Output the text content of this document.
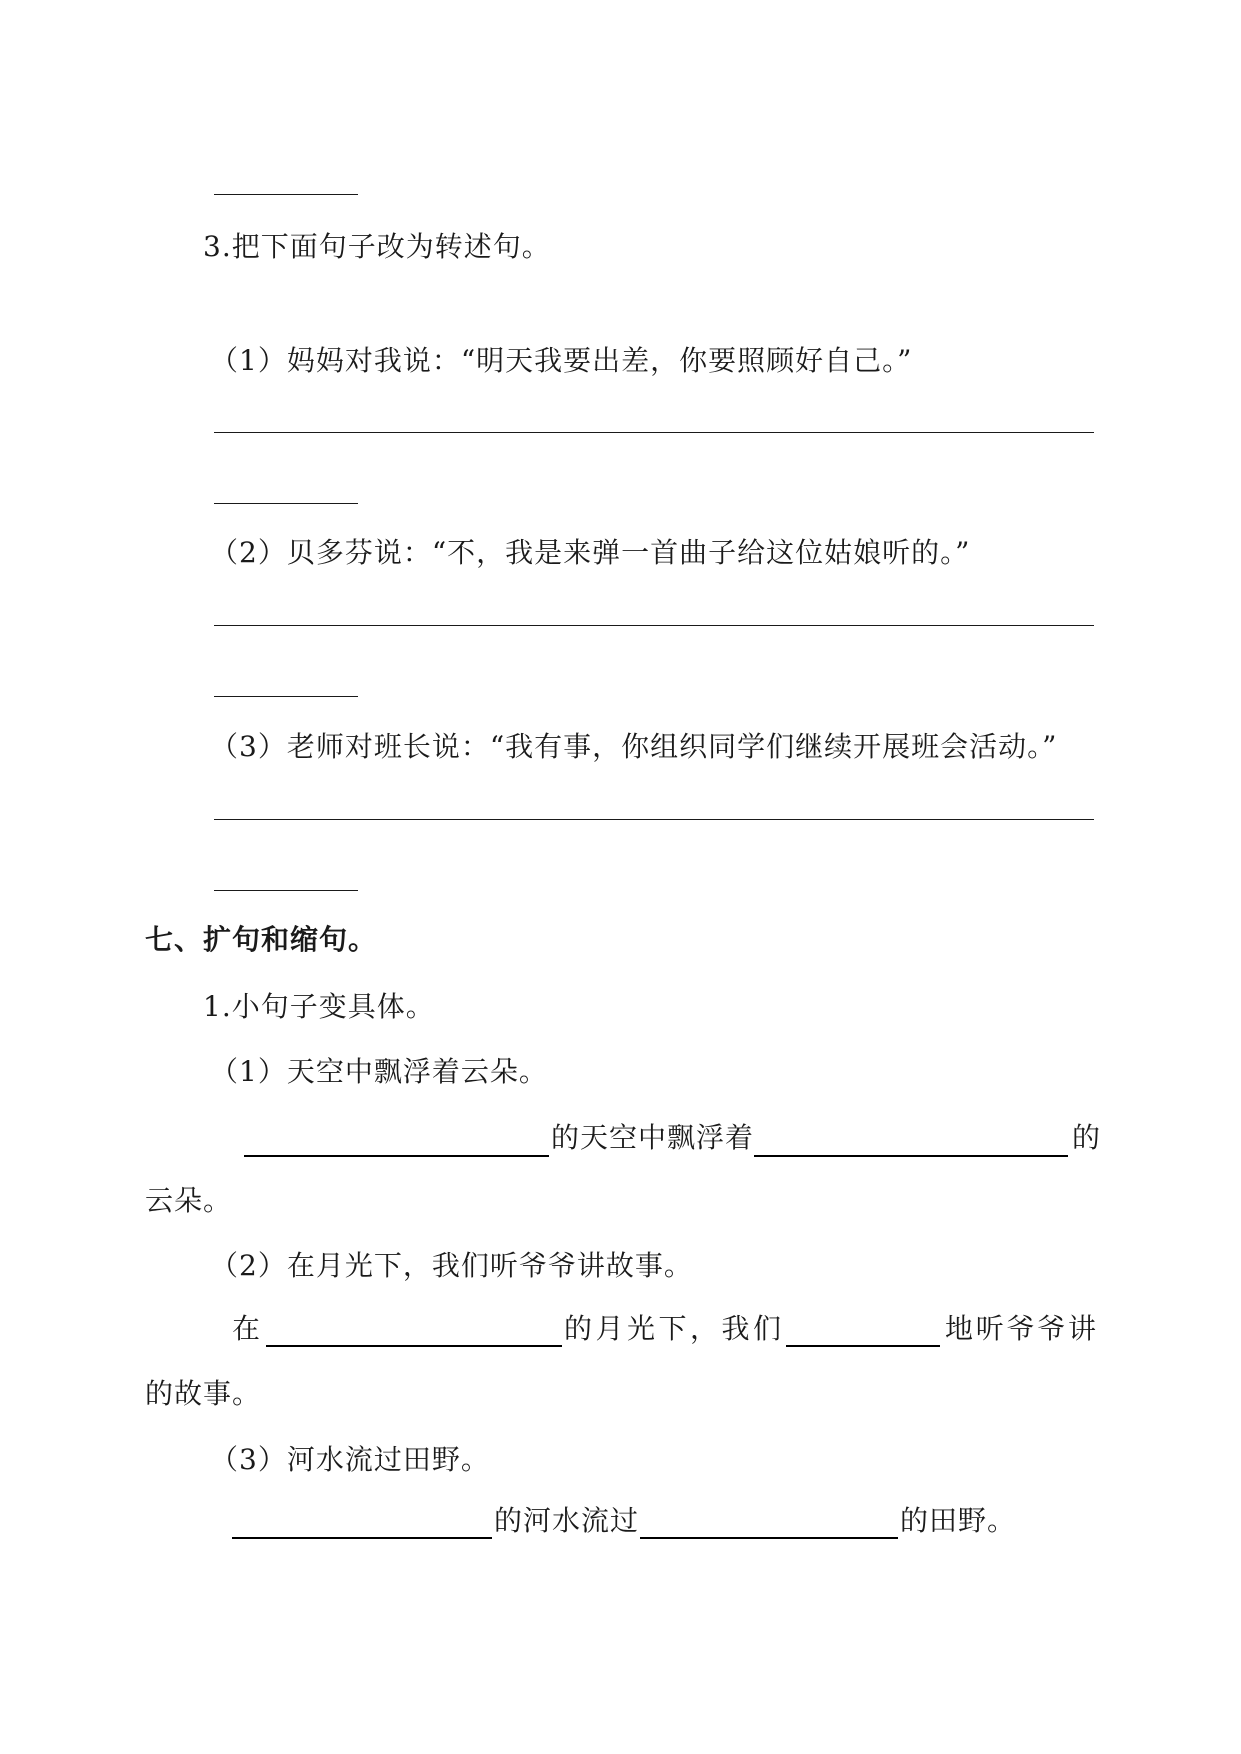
3.把下面句子改为转述句。
（1）妈妈对我说：“明天我要出差，你要照顾好自己。”
（2）贝多芬说：“不，我是来弹一首曲子给这位姑娘听的。”
（3）老师对班长说：“我有事，你组织同学们继续开展班会活动。”
七、扩句和缩句。
1.小句子变具体。
（1）天空中飘浮着云朵。
的天空中飘浮着	的
云朵。
（2）在月光下，我们听爷爷讲故事。
在	的月光下，我们	地听爷爷讲
的故事。
（3）河水流过田野。
的河水流过	的田野。
